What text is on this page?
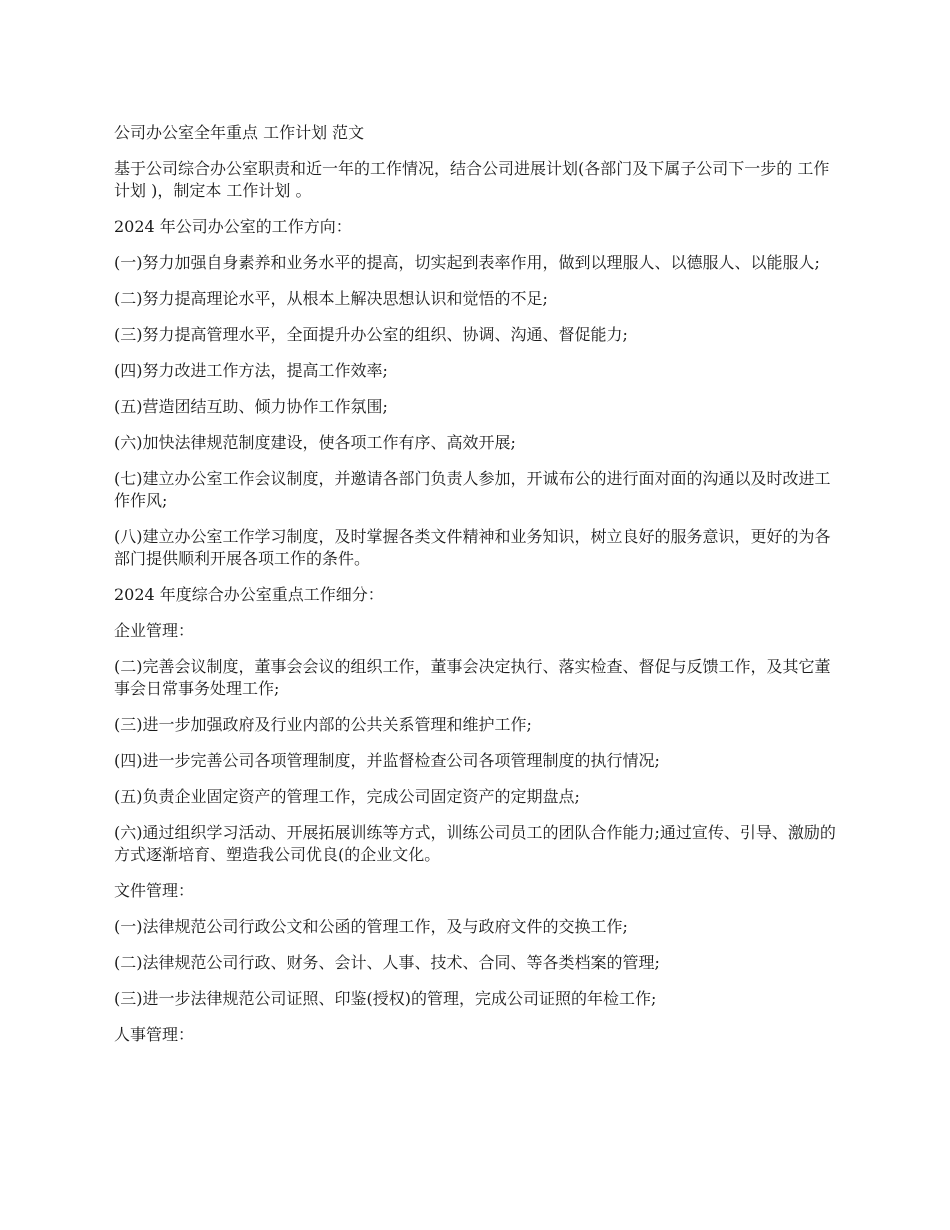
公司办公室全年重点 工作计划 范文

基于公司综合办公室职责和近一年的工作情况，结合公司进展计划(各部门及下属子公司下一步的 工作计划 )，制定本 工作计划 。

2024 年公司办公室的工作方向：

(一)努力加强自身素养和业务水平的提高，切实起到表率作用，做到以理服人、以德服人、以能服人;

(二)努力提高理论水平，从根本上解决思想认识和觉悟的不足;

(三)努力提高管理水平，全面提升办公室的组织、协调、沟通、督促能力;

(四)努力改进工作方法，提高工作效率;

(五)营造团结互助、倾力协作工作氛围;

(六)加快法律规范制度建设，使各项工作有序、高效开展;

(七)建立办公室工作会议制度，并邀请各部门负责人参加，开诚布公的进行面对面的沟通以及时改进工作作风;

(八)建立办公室工作学习制度，及时掌握各类文件精神和业务知识，树立良好的服务意识，更好的为各部门提供顺利开展各项工作的条件。

2024 年度综合办公室重点工作细分：

企业管理：

(二)完善会议制度，董事会会议的组织工作，董事会决定执行、落实检查、督促与反馈工作，及其它董事会日常事务处理工作;

(三)进一步加强政府及行业内部的公共关系管理和维护工作;

(四)进一步完善公司各项管理制度，并监督检查公司各项管理制度的执行情况;

(五)负责企业固定资产的管理工作，完成公司固定资产的定期盘点;

(六)通过组织学习活动、开展拓展训练等方式，训练公司员工的团队合作能力;通过宣传、引导、激励的方式逐渐培育、塑造我公司优良(的企业文化。

文件管理：

(一)法律规范公司行政公文和公函的管理工作，及与政府文件的交换工作;

(二)法律规范公司行政、财务、会计、人事、技术、合同、等各类档案的管理;

(三)进一步法律规范公司证照、印鉴(授权)的管理，完成公司证照的年检工作;

人事管理：
